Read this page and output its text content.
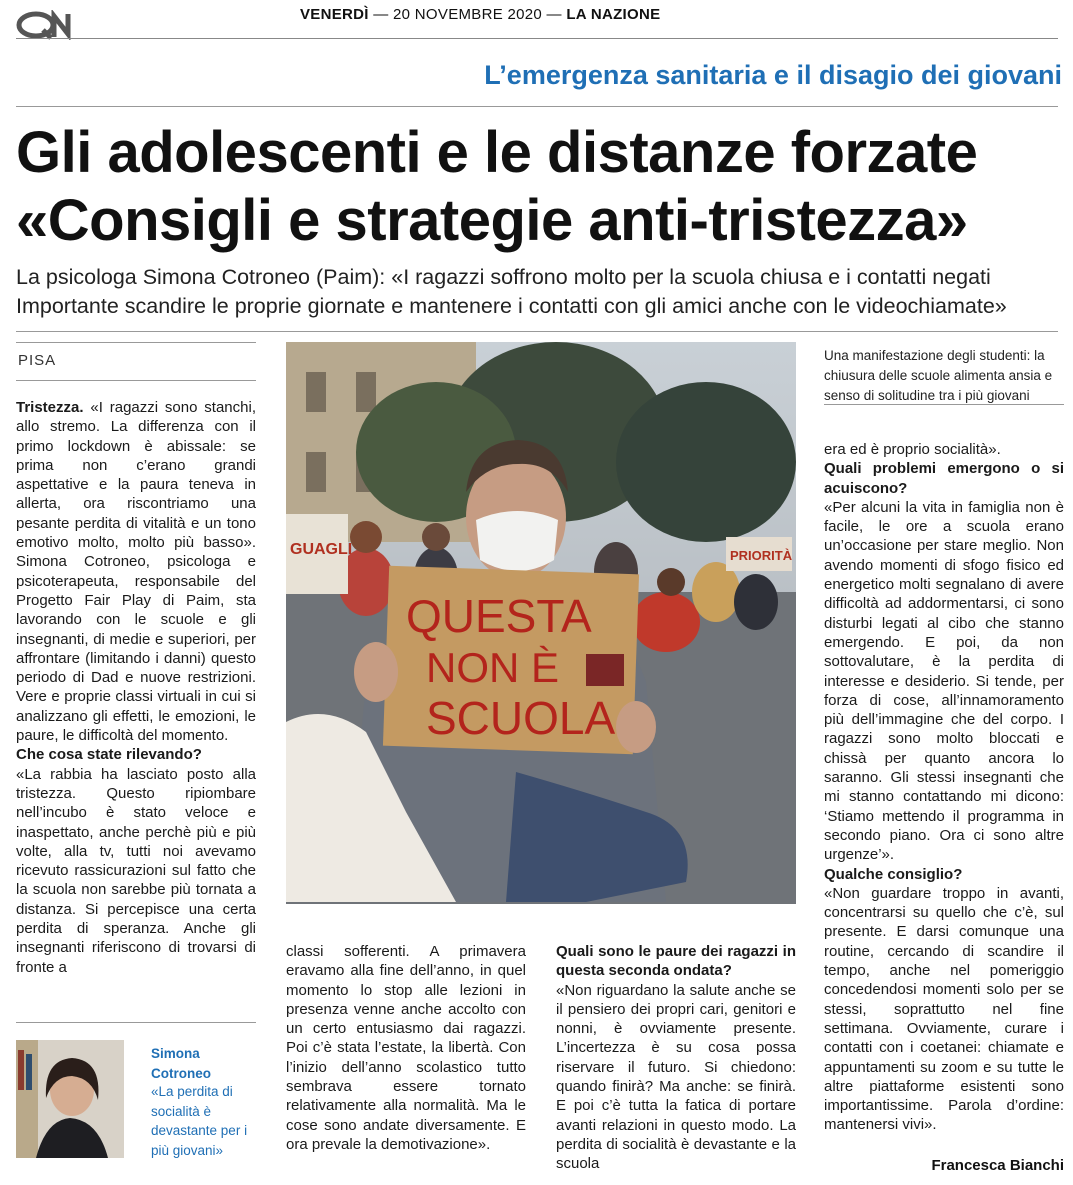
VENERDÌ — 20 NOVEMBRE 2020 — LA NAZIONE
L’emergenza sanitaria e il disagio dei giovani
Gli adolescenti e le distanze forzate
«Consigli e strategie anti-tristezza»
La psicologa Simona Cotroneo (Paim): «I ragazzi soffrono molto per la scuola chiusa e i contatti negati
Importante scandire le proprie giornate e mantenere i contatti con gli amici anche con le videochiamate»
PISA

Tristezza. «I ragazzi sono stanchi, allo stremo. La differenza con il primo lockdown è abissale: se prima non c’erano grandi aspettative e la paura teneva in allerta, ora riscontriamo una pesante perdita di vitalità e un tono emotivo molto, molto più basso». Simona Cotroneo, psicologa e psicoterapeuta, responsabile del Progetto Fair Play di Paim, sta lavorando con le scuole e gli insegnanti, di medie e superiori, per affrontare (limitando i danni) questo periodo di Dad e nuove restrizioni. Vere e proprie classi virtuali in cui si analizzano gli effetti, le emozioni, le paure, le difficoltà del momento.

Che cosa state rilevando?

«La rabbia ha lasciato posto alla tristezza. Questo ripiombare nell’incubo è stato veloce e inaspettato, anche perchè più e più volte, alla tv, tutti noi avevamo ricevuto rassicurazioni sul fatto che la scuola non sarebbe più tornata a distanza. Si percepisce una certa perdita di speranza. Anche gli insegnanti riferiscono di trovarsi di fronte a

GUAGLI	PRIORITÀ
QUESTA
NON È
SCUOLA
Una manifestazione degli studenti: la chiusura delle scuole alimenta ansia e senso di solitudine tra i più giovani

classi sofferenti. A primavera eravamo alla fine dell’anno, in quel momento lo stop alle lezioni in presenza venne anche accolto con un certo entusiasmo dai ragazzi. Poi c’è stata l’estate, la libertà. Con l’inizio dell’anno scolastico tutto sembrava essere tornato relativamente alla normalità. Ma le cose sono andate diversamente. E ora prevale la demotivazione».

Quali sono le paure dei ragazzi in questa seconda ondata?

«Non riguardano la salute anche se il pensiero dei propri cari, genitori e nonni, è ovviamente presente. L’incertezza è su cosa possa riservare il futuro. Si chiedono: quando finirà? Ma anche: se finirà. E poi c’è tutta la fatica di portare avanti relazioni in questo modo. La perdita di socialità è devastante e la scuola

era ed è proprio socialità».

Quali problemi emergono o si acuiscono?

«Per alcuni la vita in famiglia non è facile, le ore a scuola erano un’occasione per stare meglio. Non avendo momenti di sfogo fisico ed energetico molti segnalano di avere difficoltà ad addormentarsi, ci sono disturbi legati al cibo che stanno emergendo. E poi, da non sottovalutare, è la perdita di interesse e desiderio. Si tende, per forza di cose, all’innamoramento più dell’immagine che del corpo. I ragazzi sono molto bloccati e chissà per quanto ancora lo saranno. Gli stessi insegnanti che mi stanno contattando mi dicono: ‘Stiamo mettendo il programma in secondo piano. Ora ci sono altre urgenze’».

Qualche consiglio?

«Non guardare troppo in avanti, concentrarsi su quello che c’è, sul presente. E darsi comunque una routine, cercando di scandire il tempo, anche nel pomeriggio concedendosi momenti solo per se stessi, soprattutto nel fine settimana. Ovviamente, curare i contatti con i coetanei: chiamate e appuntamenti su zoom e su tutte le altre piattaforme esistenti sono importantissime. Parola d’ordine: mantenersi vivi».

Simona Cotroneo
«La perdita di socialità è devastante per i più giovani»
Francesca Bianchi
